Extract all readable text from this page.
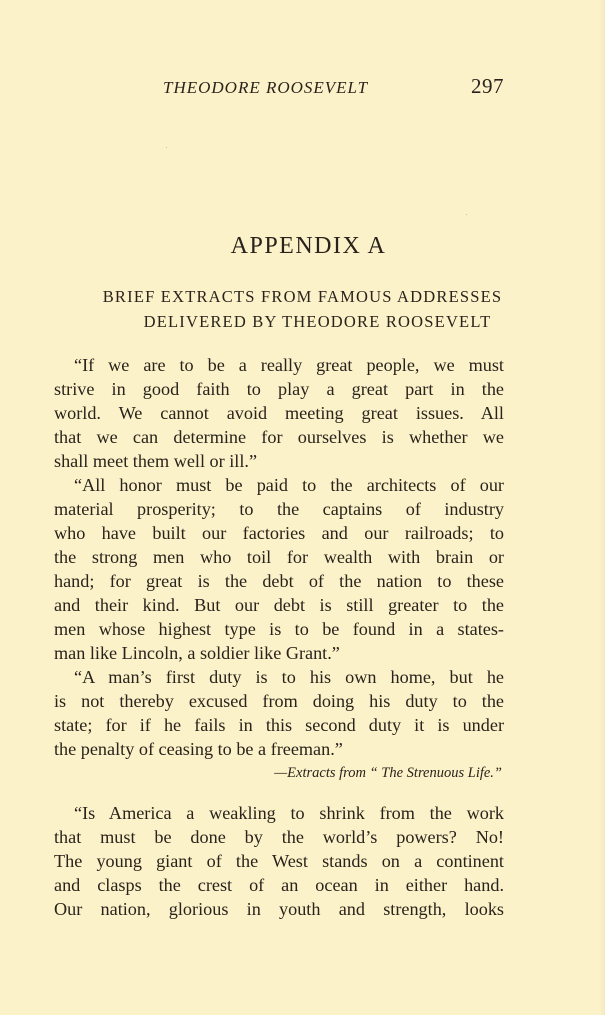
THEODORE ROOSEVELT	297
APPENDIX A
BRIEF EXTRACTS FROM FAMOUS ADDRESSES
DELIVERED BY THEODORE ROOSEVELT
“If we are to be a really great people, we must
strive in good faith to play a great part in the
world. We cannot avoid meeting great issues. All
that we can determine for ourselves is whether we
shall meet them well or ill.”
“All honor must be paid to the architects of our
material prosperity; to the captains of industry
who have built our factories and our railroads; to
the strong men who toil for wealth with brain or
hand; for great is the debt of the nation to these
and their kind. But our debt is still greater to the
men whose highest type is to be found in a states-
man like Lincoln, a soldier like Grant.”
“A man’s first duty is to his own home, but he
is not thereby excused from doing his duty to the
state; for if he fails in this second duty it is under
the penalty of ceasing to be a freeman.”
—Extracts from “ The Strenuous Life.”
“Is America a weakling to shrink from the work
that must be done by the world’s powers? No!
The young giant of the West stands on a continent
and clasps the crest of an ocean in either hand.
Our nation, glorious in youth and strength, looks
